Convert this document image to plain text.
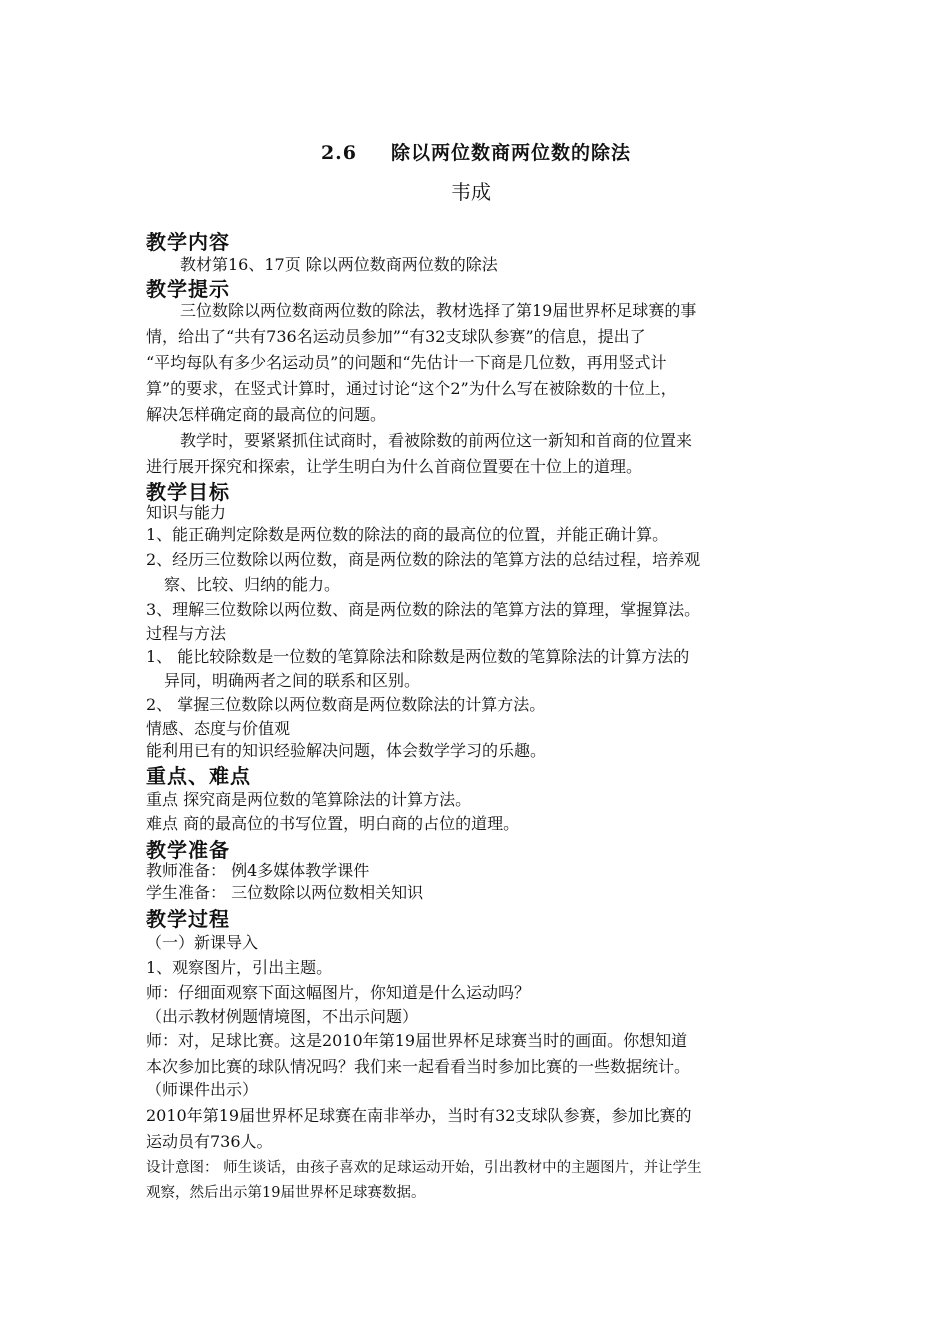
2.6 除以两位数商两位数的除法
韦成
教学内容
教材第16、17页 除以两位数商两位数的除法
教学提示
三位数除以两位数商两位数的除法，教材选择了第19届世界杯足球赛的事
情，给出了“共有736名运动员参加”“有32支球队参赛”的信息，提出了
“平均每队有多少名运动员”的问题和“先估计一下商是几位数，再用竖式计
算”的要求，在竖式计算时，通过讨论“这个2”为什么写在被除数的十位上，
解决怎样确定商的最高位的问题。
教学时，要紧紧抓住试商时，看被除数的前两位这一新知和首商的位置来
进行展开探究和探索，让学生明白为什么首商位置要在十位上的道理。
教学目标
知识与能力
1、能正确判定除数是两位数的除法的商的最高位的位置，并能正确计算。
2、经历三位数除以两位数，商是两位数的除法的笔算方法的总结过程，培养观
察、比较、归纳的能力。
3、理解三位数除以两位数、商是两位数的除法的笔算方法的算理，掌握算法。
过程与方法
1、 能比较除数是一位数的笔算除法和除数是两位数的笔算除法的计算方法的
异同，明确两者之间的联系和区别。
2、 掌握三位数除以两位数商是两位数除法的计算方法。
情感、态度与价值观
能利用已有的知识经验解决问题，体会数学学习的乐趣。
重点、难点
重点 探究商是两位数的笔算除法的计算方法。
难点 商的最高位的书写位置，明白商的占位的道理。
教学准备
教师准备： 例4多媒体教学课件
学生准备： 三位数除以两位数相关知识
教学过程
（一）新课导入
1、观察图片，引出主题。
师：仔细面观察下面这幅图片，你知道是什么运动吗？
（出示教材例题情境图，不出示问题）
师：对，足球比赛。这是2010年第19届世界杯足球赛当时的画面。你想知道
本次参加比赛的球队情况吗？我们来一起看看当时参加比赛的一些数据统计。
（师课件出示）
2010年第19届世界杯足球赛在南非举办，当时有32支球队参赛，参加比赛的
运动员有736人。
设计意图： 师生谈话，由孩子喜欢的足球运动开始，引出教材中的主题图片，并让学生
观察，然后出示第19届世界杯足球赛数据。
